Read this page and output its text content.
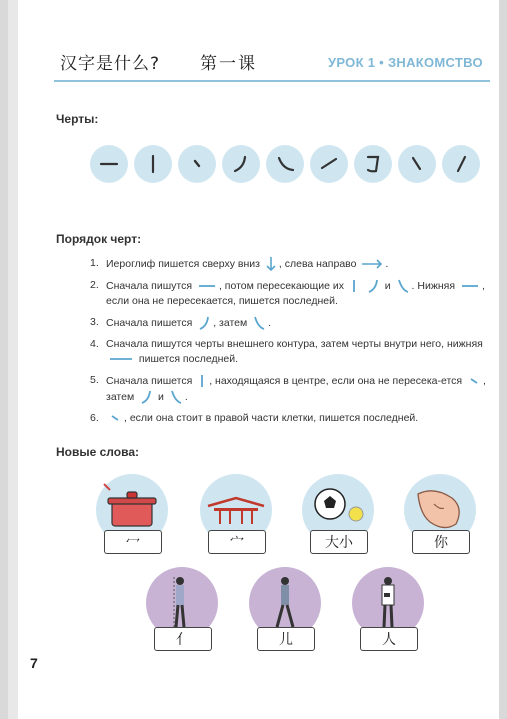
汉字是什么? 第一课	УРОК 1 • ЗНАКОМСТВО
Черты:
Порядок черт:
1. Иероглиф пишется сверху вниз , слева направо	.
2. Сначала пишутся	, потом пересекающие их	и . Нижняя	, если она не пересекается, пишется последней.
3. Сначала пишется , затем .
4. Сначала пишутся черты внешнего контура, затем черты внутри него, нижняя  пишется последней.
5. Сначала пишется , находящаяся в центре, если она не пересека-ется , затем и .
6.	, если она стоит в правой части клетки, пишется последней.
Новые слова:
冖	宀	大小	你
亻	儿	人
7
